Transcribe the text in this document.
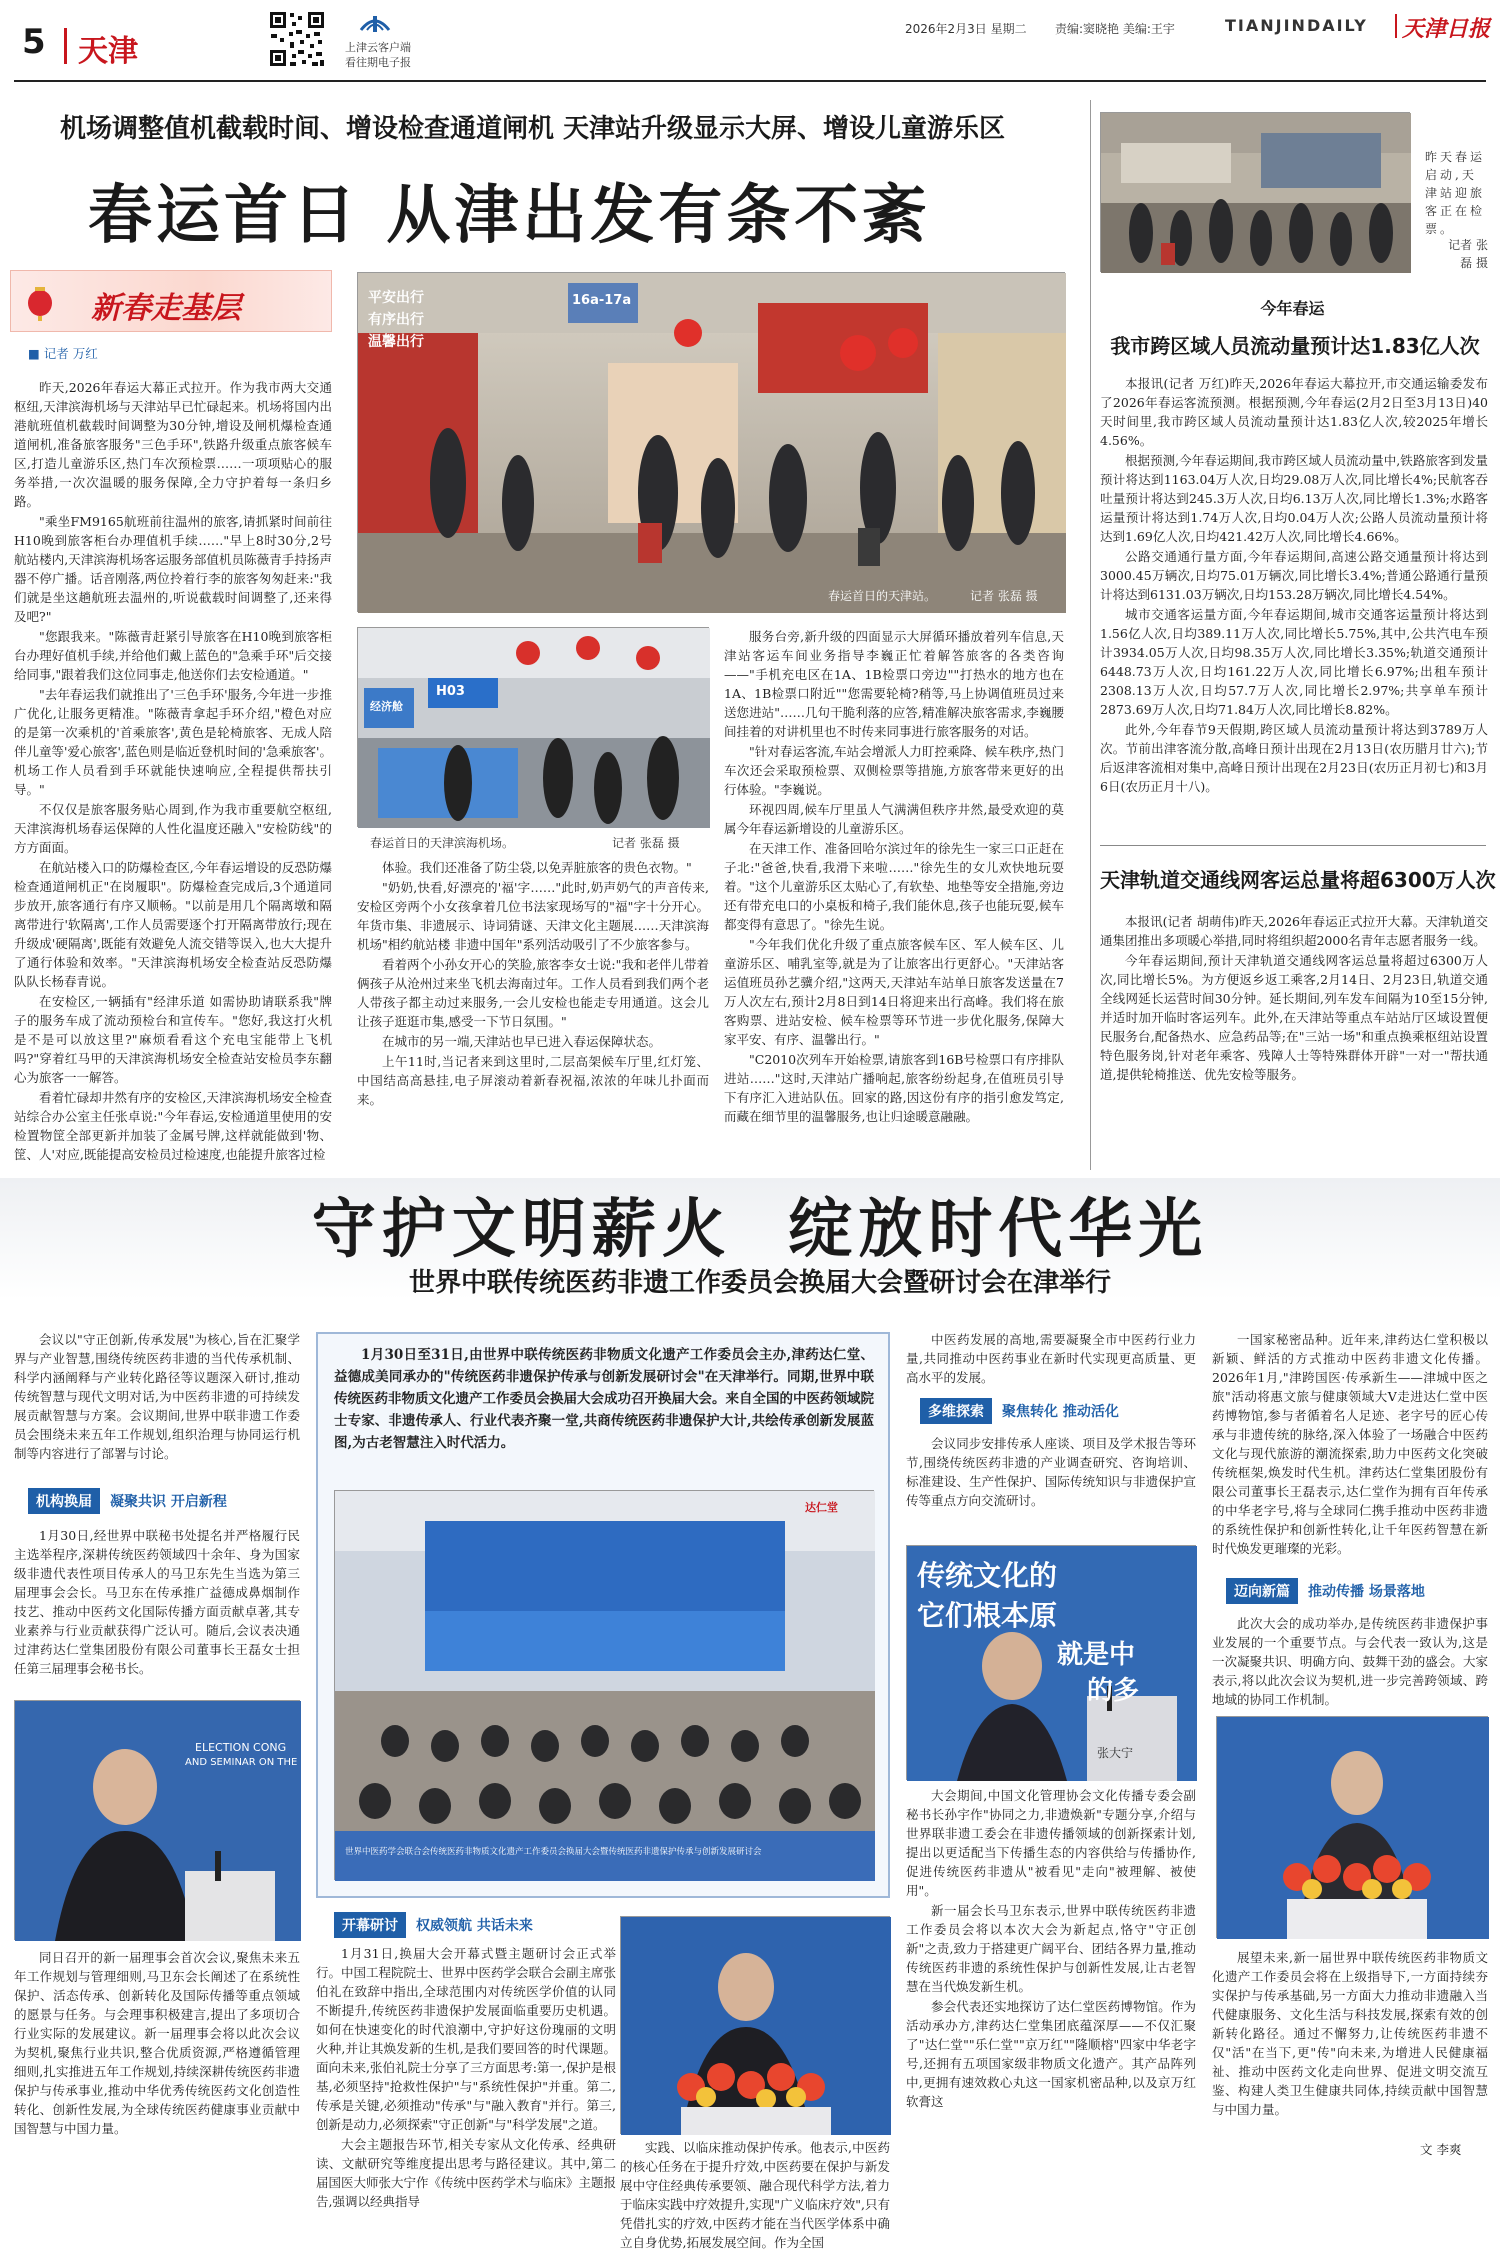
5 天津	上津云客户端 看往期电子报
2026年2月3日 星期二 责编:窦晓艳 美编:王宇	TIANJINDAILY 天津日报
机场调整值机截载时间、增设检查通道闸机 天津站升级显示大屏、增设儿童游乐区
春运首日 从津出发有条不紊
新春走基层
■ 记者 万红

昨天,2026年春运大幕正式拉开。作为我市两大交通枢纽,天津滨海机场与天津站早已忙碌起来。机场将国内出港航班值机截载时间调整为30分钟,增设及闸机爆检查通道闸机,准备旅客服务"三色手环",铁路升级重点旅客候车区,打造儿童游乐区,热门车次预检票……一项项贴心的服务举措,一次次温暖的服务保障,全力守护着每一条归乡路。

"乘坐FM9165航班前往温州的旅客,请抓紧时间前往H10晚到旅客柜台办理值机手续……"早上8时30分,2号航站楼内,天津滨海机场客运服务部值机员陈薇青手持扬声器不停广播。话音刚落,两位拎着行李的旅客匆匆赶来:"我们就是坐这趟航班去温州的,听说截载时间调整了,还来得及吧?"

"您跟我来。"陈薇青赶紧引导旅客在H10晚到旅客柜台办理好值机手续,并给他们戴上蓝色的"急乘手环"后交接给同事,"跟着我们这位同事走,他送你们去安检通道。"

"去年春运我们就推出了'三色手环'服务,今年进一步推广优化,让服务更精准。"陈薇青拿起手环介绍,"橙色对应的是第一次乘机的'首乘旅客',黄色是轮椅旅客、无成人陪伴儿童等'爱心旅客',蓝色则是临近登机时间的'急乘旅客'。机场工作人员看到手环就能快速响应,全程提供帮扶引导。"

不仅仅是旅客服务贴心周到,作为我市重要航空枢纽,天津滨海机场春运保障的人性化温度还融入"安检防线"的方方面面。

在航站楼入口的防爆检查区,今年春运增设的反恐防爆检查通道闸机正"在岗履职"。防爆检查完成后,3个通道同步放开,旅客通行有序又顺畅。"以前是用几个隔离墩和隔离带进行'软隔离',工作人员需要逐个打开隔离带放行;现在升级成'硬隔离',既能有效避免人流交错等误入,也大大提升了通行体验和效率。"天津滨海机场安全检查站反恐防爆队队长杨春青说。

在安检区,一辆插有"经津乐道 如需协助请联系我"牌子的服务车成了流动预检台和宣传车。"您好,我这打火机是不是可以放这里?"麻烦看看这个充电宝能带上飞机吗?"穿着红马甲的天津滨海机场安全检查站安检员李东翻心为旅客一一解答。

看着忙碌却井然有序的安检区,天津滨海机场安全检查站综合办公室主任张卓说:"今年春运,安检通道里使用的安检置物筐全部更新并加装了金属号牌,这样就能做到'物、筐、人'对应,既能提高安检员过检速度,也能提升旅客过检

平安出行
有序出行
温馨出行
16a-17a
春运首日的天津站。	记者 张磊 摄
H03
经济舱
春运首日的天津滨海机场。	记者 张磊 摄

体验。我们还准备了防尘袋,以免弄脏旅客的贵色衣物。"

"奶奶,快看,好漂亮的'福'字……"此时,奶声奶气的声音传来,安检区旁两个小女孩拿着几位书法家现场写的"福"字十分开心。年货市集、非遗展示、诗词猜谜、天津文化主题展……天津滨海机场"相约航站楼 非遗中国年"系列活动吸引了不少旅客参与。

看着两个小孙女开心的笑脸,旅客李女士说:"我和老伴儿带着俩孩子从沧州过来坐飞机去海南过年。工作人员看到我们两个老人带孩子都主动过来服务,一会儿安检也能走专用通道。这会儿让孩子逛逛市集,感受一下节日氛围。"

在城市的另一端,天津站也早已进入春运保障状态。

上午11时,当记者来到这里时,二层高架候车厅里,红灯笼、中国结高高悬挂,电子屏滚动着新春祝福,浓浓的年味儿扑面而来。

服务台旁,新升级的四面显示大屏循环播放着列车信息,天津站客运车间业务指导李巍正忙着解答旅客的各类咨询——"手机充电区在1A、1B检票口旁边""打热水的地方也在1A、1B检票口附近""您需要轮椅?稍等,马上协调值班员过来送您进站"……几句干脆利落的应答,精准解决旅客需求,李巍腰间挂着的对讲机里也不时传来同事进行旅客服务的对话。

"针对春运客流,车站会增派人力盯控乘降、候车秩序,热门车次还会采取预检票、双侧检票等措施,方旅客带来更好的出行体验。"李巍说。

环视四周,候车厅里虽人气满满但秩序井然,最受欢迎的莫属今年春运新增设的儿童游乐区。

在天津工作、准备回哈尔滨过年的徐先生一家三口正赶在子北:"爸爸,快看,我滑下来啦……"徐先生的女儿欢快地玩耍着。"这个儿童游乐区太贴心了,有软垫、地垫等安全措施,旁边还有带充电口的小桌板和椅子,我们能休息,孩子也能玩耍,候车都变得有意思了。"徐先生说。

"今年我们优化升级了重点旅客候车区、军人候车区、儿童游乐区、哺乳室等,就是为了让旅客出行更舒心。"天津站客运值班员孙艺骥介绍,"这两天,天津站车站单日旅客发送量在7万人次左右,预计2月8日到14日将迎来出行高峰。我们将在旅客购票、进站安检、候车检票等环节进一步优化服务,保障大家平安、有序、温馨出行。"

"C2010次列车开始检票,请旅客到16B号检票口有序排队进站……"这时,天津站广播响起,旅客纷纷起身,在值班员引导下有序汇入进站队伍。回家的路,因这份有序的指引愈发笃定,而藏在细节里的温馨服务,也让归途暖意融融。

昨天春运启动,天津站迎旅客正在检票。
记者 张磊 摄
今年春运
我市跨区域人员流动量预计达1.83亿人次

本报讯(记者 万红)昨天,2026年春运大幕拉开,市交通运输委发布了2026年春运客流预测。根据预测,今年春运(2月2日至3月13日)40天时间里,我市跨区域人员流动量预计达1.83亿人次,较2025年增长4.56%。

根据预测,今年春运期间,我市跨区域人员流动量中,铁路旅客到发量预计将达到1163.04万人次,日均29.08万人次,同比增长4%;民航客吞吐量预计将达到245.3万人次,日均6.13万人次,同比增长1.3%;水路客运量预计将达到1.74万人次,日均0.04万人次;公路人员流动量预计将达到1.69亿人次,日均421.42万人次,同比增长4.66%。

公路交通通行量方面,今年春运期间,高速公路交通量预计将达到3000.45万辆次,日均75.01万辆次,同比增长3.4%;普通公路通行量预计将达到6131.03万辆次,日均153.28万辆次,同比增长4.54%。

城市交通客运量方面,今年春运期间,城市交通客运量预计将达到1.56亿人次,日均389.11万人次,同比增长5.75%,其中,公共汽电车预计3934.05万人次,日均98.35万人次,同比增长3.35%;轨道交通预计6448.73万人次,日均161.22万人次,同比增长6.97%;出租车预计2308.13万人次,日均57.7万人次,同比增长2.97%;共享单车预计2873.69万人次,日均71.84万人次,同比增长8.82%。

此外,今年春节9天假期,跨区域人员流动量预计将达到3789万人次。节前出津客流分散,高峰日预计出现在2月13日(农历腊月廿六);节后返津客流相对集中,高峰日预计出现在2月23日(农历正月初七)和3月6日(农历正月十八)。

天津轨道交通线网客运总量将超6300万人次

本报讯(记者 胡萌伟)昨天,2026年春运正式拉开大幕。天津轨道交通集团推出多项暖心举措,同时将组织超2000名青年志愿者服务一线。

今年春运期间,预计天津轨道交通线网客运总量将超过6300万人次,同比增长5%。为方便返乡返工乘客,2月14日、2月23日,轨道交通全线网延长运营时间30分钟。延长期间,列车发车间隔为10至15分钟,并适时加开临时客运列车。此外,在天津站等重点车站站厅区域设置便民服务台,配备热水、应急药品等;在"三站一场"和重点换乘枢纽站设置特色服务岗,针对老年乘客、残障人士等特殊群体开辟"一对一"帮扶通道,提供轮椅推送、优先安检等服务。

守护文明薪火  绽放时代华光
世界中联传统医药非遗工作委员会换届大会暨研讨会在津举行

会议以"守正创新,传承发展"为核心,旨在汇聚学界与产业智慧,围绕传统医药非遗的当代传承机制、科学内涵阐释与产业转化路径等议题深入研讨,推动传统智慧与现代文明对话,为中医药非遗的可持续发展贡献智慧与方案。会议期间,世界中联非遗工作委员会围绕未来五年工作规划,组织治理与协同运行机制等内容进行了部署与讨论。

机构换届	凝聚共识 开启新程

1月30日,经世界中联秘书处提名并严格履行民主选举程序,深耕传统医药领域四十余年、身为国家级非遗代表性项目传承人的马卫东先生当选为第三届理事会会长。马卫东在传承推广益德成鼻烟制作技艺、推动中医药文化国际传播方面贡献卓著,其专业素养与行业贡献获得广泛认可。随后,会议表决通过津药达仁堂集团股份有限公司董事长王磊女士担任第三届理事会秘书长。

ELECTION CONG
AND SEMINAR ON THE

同日召开的新一届理事会首次会议,聚焦未来五年工作规划与管理细则,马卫东会长阐述了在系统性保护、活态传承、创新转化及国际传播等重点领域的愿景与任务。与会理事积极建言,提出了多项切合行业实际的发展建议。新一届理事会将以此次会议为契机,聚焦行业共识,整合优质资源,严格遵循管理细则,扎实推进五年工作规划,持续深耕传统医药非遗保护与传承事业,推动中华优秀传统医药文化创造性转化、创新性发展,为全球传统医药健康事业贡献中国智慧与中国力量。

1月30日至31日,由世界中联传统医药非物质文化遗产工作委员会主办,津药达仁堂、益德成美同承办的"传统医药非遗保护传承与创新发展研讨会"在天津举行。同期,世界中联传统医药非物质文化遗产工作委员会换届大会成功召开换届大会。来自全国的中医药领域院士专家、非遗传承人、行业代表齐聚一堂,共商传统医药非遗保护大计,共绘传承创新发展蓝图,为古老智慧注入时代活力。

达仁堂
世界中医药学会联合会传统医药非物质文化遗产工作委员会换届大会暨传统医药非遗保护传承与创新发展研讨会
开幕研讨	权威领航 共话未来

1月31日,换届大会开幕式暨主题研讨会正式举行。中国工程院院士、世界中医药学会联合会副主席张伯礼在致辞中指出,全球范围内对传统医学价值的认同不断提升,传统医药非遗保护发展面临重要历史机遇。如何在快速变化的时代浪潮中,守护好这份瑰丽的文明火种,并让其焕发新的生机,是我们要回答的时代课题。面向未来,张伯礼院士分享了三方面思考:第一,保护是根基,必须坚持"抢救性保护"与"系统性保护"并重。第二,传承是关键,必须推动"传承"与"融入教育"并行。第三,创新是动力,必须探索"守正创新"与"科学发展"之道。

大会主题报告环节,相关专家从文化传承、经典研读、文献研究等维度提出思考与路径建议。其中,第二届国医大师张大宁作《传统中医药学术与临床》主题报告,强调以经典指导

实践、以临床推动保护传承。他表示,中医药的核心任务在于提升疗效,中医药要在保护与新发展中守住经典传承要领、融合现代科学方法,着力于临床实践中疗效提升,实现"广义临床疗效",只有凭借扎实的疗效,中医药才能在当代医学体系中确立自身优势,拓展发展空间。作为全国

中医药发展的高地,需要凝聚全市中医药行业力量,共同推动中医药事业在新时代实现更高质量、更高水平的发展。

多维探索	聚焦转化 推动活化

会议同步安排传承人座谈、项目及学术报告等环节,围绕传统医药非遗的产业调查研究、咨询培训、标准建设、生产性保护、国际传统知识与非遗保护宣传等重点方向交流研讨。

传统文化的
它们根本原
就是中
的多
张大宁

大会期间,中国文化管理协会文化传播专委会副秘书长孙宇作"协同之力,非遗焕新"专题分享,介绍与世界联非遗工委会在非遗传播领域的创新探索计划,提出以更适配当下传播生态的内容供给与传播协作,促进传统医药非遗从"被看见"走向"被理解、被使用"。

新一届会长马卫东表示,世界中联传统医药非遗工作委员会将以本次大会为新起点,恪守"守正创新"之责,致力于搭建更广阔平台、团结各界力量,推动传统医药非遗的系统性保护与创新性发展,让古老智慧在当代焕发新生机。

参会代表还实地探访了达仁堂医药博物馆。作为活动承办方,津药达仁堂集团底蕴深厚——不仅汇聚了"达仁堂""乐仁堂""京万红""隆顺榕"四家中华老字号,还拥有五项国家级非物质文化遗产。其产品阵列中,更拥有速效救心丸这一国家机密品种,以及京万红软膏这

一国家秘密品种。近年来,津药达仁堂积极以新颖、鲜活的方式推动中医药非遗文化传播。2026年1月,"津跨国医·传承新生——津城中医之旅"活动将惠文旅与健康领域大V走进达仁堂中医药博物馆,参与者循着名人足迹、老字号的匠心传承与非遗传统的脉络,深入体验了一场融合中医药文化与现代旅游的潮流探索,助力中医药文化突破传统框架,焕发时代生机。津药达仁堂集团股份有限公司董事长王磊表示,达仁堂作为拥有百年传承的中华老字号,将与全球同仁携手推动中医药非遗的系统性保护和创新性转化,让千年医药智慧在新时代焕发更璀璨的光彩。

迈向新篇	推动传播 场景落地

此次大会的成功举办,是传统医药非遗保护事业发展的一个重要节点。与会代表一致认为,这是一次凝聚共识、明确方向、鼓舞干劲的盛会。大家表示,将以此次会议为契机,进一步完善跨领域、跨地域的协同工作机制。

展望未来,新一届世界中联传统医药非物质文化遗产工作委员会将在上级指导下,一方面持续夯实保护与传承基础,另一方面大力推动非遗融入当代健康服务、文化生活与科技发展,探索有效的创新转化路径。通过不懈努力,让传统医药非遗不仅"活"在当下,更"传"向未来,为增进人民健康福祉、推动中医药文化走向世界、促进文明交流互鉴、构建人类卫生健康共同体,持续贡献中国智慧与中国力量。

文 李爽
